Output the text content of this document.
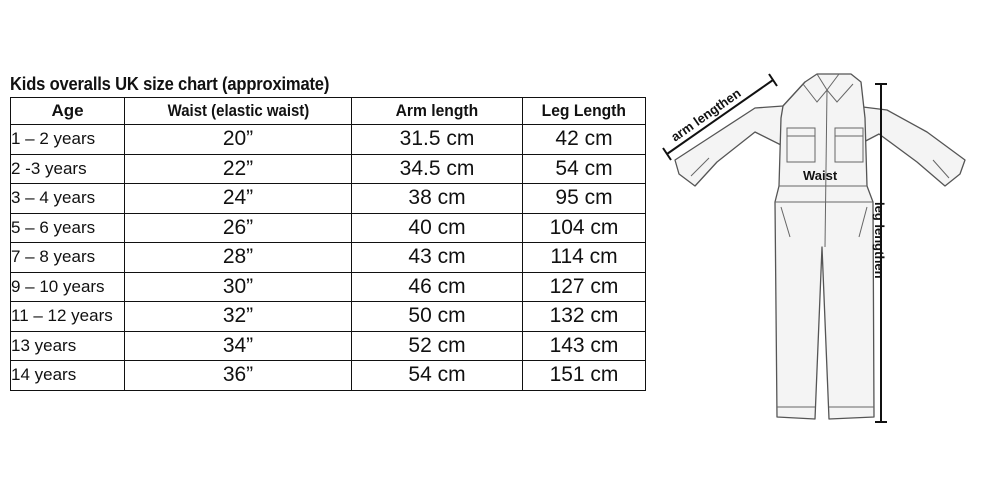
Kids overalls UK size chart (approximate)
Age	Waist (elastic waist)	Arm length	Leg Length
1 – 2 years	20”	31.5 cm	42 cm
2 -3 years	22”	34.5 cm	54 cm
3 – 4 years	24”	38 cm	95 cm
5 – 6 years	26”	40 cm	104 cm
7 – 8 years	28”	43 cm	114 cm
9 – 10 years	30”	46 cm	127 cm
11 – 12 years	32”	50 cm	132 cm
13 years	34”	52 cm	143 cm
14 years	36”	54 cm	151 cm
arm lengthen
Waist
leg lengthen
